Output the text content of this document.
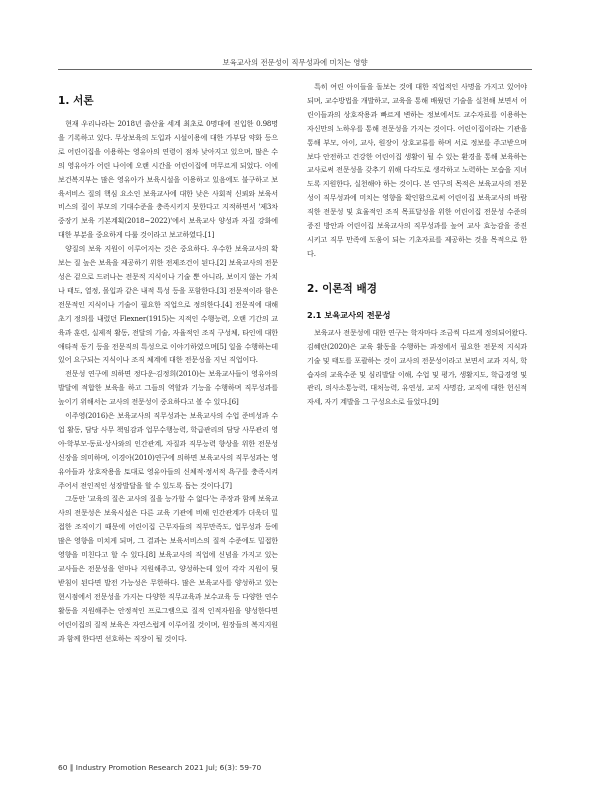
보육교사의 전문성이 직무성과에 미치는 영향
1. 서론

현재 우리나라는 2018년 출산율 세계 최초로 0명대에 진입한 0.98명을 기록하고 있다. 무상보육의 도입과 시설이용에 대한 가부담 약화 등으로 어린이집을 이용하는 영유아의 연령이 점차 낮아지고 있으며, 많은 수의 영유아가 어린 나이에 오랜 시간을 어린이집에 머무르게 되었다. 이에 보건복지부는 많은 영유아가 보육시설을 이용하고 있음에도 불구하고 보육서비스 질의 핵심 요소인 보육교사에 대한 낮은 사회적 신뢰와 보육서비스의 질이 부모의 기대수준을 충족시키지 못한다고 지적하면서 '제3차 중장기 보육 기본계획(2018~2022)'에서 보육교사 양성과 자질 강화에 대한 부분을 중요하게 다룰 것이라고 보고하였다.[1]

양질의 보육 지원이 이루어지는 것은 중요하다. 우수한 보육교사의 확보는 질 높은 보육을 제공하기 위한 전제조건이 된다.[2] 보육교사의 전문성은 겉으로 드러나는 전문적 지식이나 기술 뿐 아니라, 보이지 않는 가치나 태도, 열정, 몰입과 같은 내적 특성 등을 포함한다.[3] 전문적이라 함은 전문적인 지식이나 기술이 필요한 직업으로 정의한다.[4] 전문직에 대해 초기 정의를 내렸던 Flexner(1915)는 지적인 수행능력, 오랜 기간의 교육과 훈련, 실제적 활동, 전달의 기술, 자율적인 조직 구성체, 타인에 대한 애타적 동기 등을 전문직의 특성으로 이야기하였으며[5] 일을 수행하는데 있어 요구되는 지식이나 조직 체계에 대한 전문성을 지닌 직업이다.

전문성 연구에 의하면 정다운·김정희(2010)는 보육교사들이 영유아의 발달에 적합한 보육을 하고 그들의 역할과 기능을 수행하며 직무성과를 높이기 위해서는 교사의 전문성이 중요하다고 볼 수 있다.[6]

이주영(2016)은 보육교사의 직무성과는 보육교사의 수업 준비성과 수업 활동, 담당 사무 책임감과 업무수행능력, 학급관리의 담당 사무관리 영아·학부모·동료·상사와의 인간관계, 자질과 직무능력 향상을 위한 전문성 신장을 의미하며, 이경아(2010)연구에 의하면 보육교사의 직무성과는 영유아들과 상호작용을 토대로 영유아들의 신체적·정서적 욕구를 충족시켜주어서 전인적인 성장발달을 할 수 있도록 돕는 것이다.[7]

그동안 '교육의 질은 교사의 질을 능가할 수 없다'는 주장과 함께 보육교사의 전문성은 보육시설은 다른 교육 기관에 비해 인간관계가 더욱더 밀접한 조직이기 때문에 어린이집 근무자들의 직무만족도, 업무성과 등에 많은 영향을 미치게 되며, 그 결과는 보육서비스의 질적 수준에도 밀접한 영향을 미친다고 할 수 있다.[8] 보육교사의 직업에 신념을 가지고 있는 교사들은 전문성을 얻마나 지원해주고, 양성하는데 있어 각각 지원이 뒷받침이 된다면 발전 가능성은 무한하다. 많은 보육교사를 양성하고 있는 현시점에서 전문성을 가지는 다양한 직무교육과 보수교육 등 다양한 연수활동을 지원해주는 안정적인 프로그램으로 질적 인적자원을 양성한다면 어린이집의 질적 보육은 자연스럽게 이루어질 것이며, 원장들의 복지지원과 함께 한다면 선호하는 직장이 될 것이다.

특히 여린 아이들을 돌보는 것에 대한 직업적인 사명을 가지고 있어야 되며, 교수방법을 개발하고, 교육을 통해 배웠던 기술을 실천해 보면서 어린이들과의 상호작용과 빠르게 변하는 정보에서도 교수자료를 이용하는 자신만의 노하우를 통해 전문성을 가지는 것이다. 어린이집이라는 기관을 통해 부모, 아이, 교사, 원장이 상호교류를 하며 서로 정보를 주고받으며 보다 안전하고 건강한 어린이집 생활이 될 수 있는 환경을 통해 보육하는 교사로써 전문성을 갖추기 위해 다각도로 생각하고 노력하는 모습을 지녀도록 지원한다, 실천해야 하는 것이다. 본 연구의 목적은 보육교사의 전문성이 직무성과에 미치는 영향을 확인함으로써 어린이집 보육교사의 바람직한 전문성 및 효율적인 조직 목표달성을 위한 어린이집 전문성 수준의 증진 방안과 어린이집 보육교사의 직무성과를 높여 교사 효능감을 증진 시키고 직무 만족에 도움이 되는 기초자료를 제공하는 것을 목적으로 한다.

2. 이론적 배경
2.1 보육교사의 전문성

보육교사 전문성에 대한 연구는 학자마다 조금씩 다르게 정의되어왔다. 김혜란(2020)은 교육 활동을 수행하는 과정에서 필요한 전문적 지식과 기술 및 태도를 포괄하는 것이 교사의 전문성이라고 보면서 교과 지식, 학습자의 교육수준 및 심리발달 이해, 수업 및 평가, 생활지도, 학급경영 및 관리, 의사소통능력, 대처능력, 유연성, 교직 사명감, 교직에 대한 헌신적 자세, 자기 계발을 그 구성요소로 들었다.[9]

60 ∥ Industry Promotion Research 2021 Jul; 6(3): 59-70
